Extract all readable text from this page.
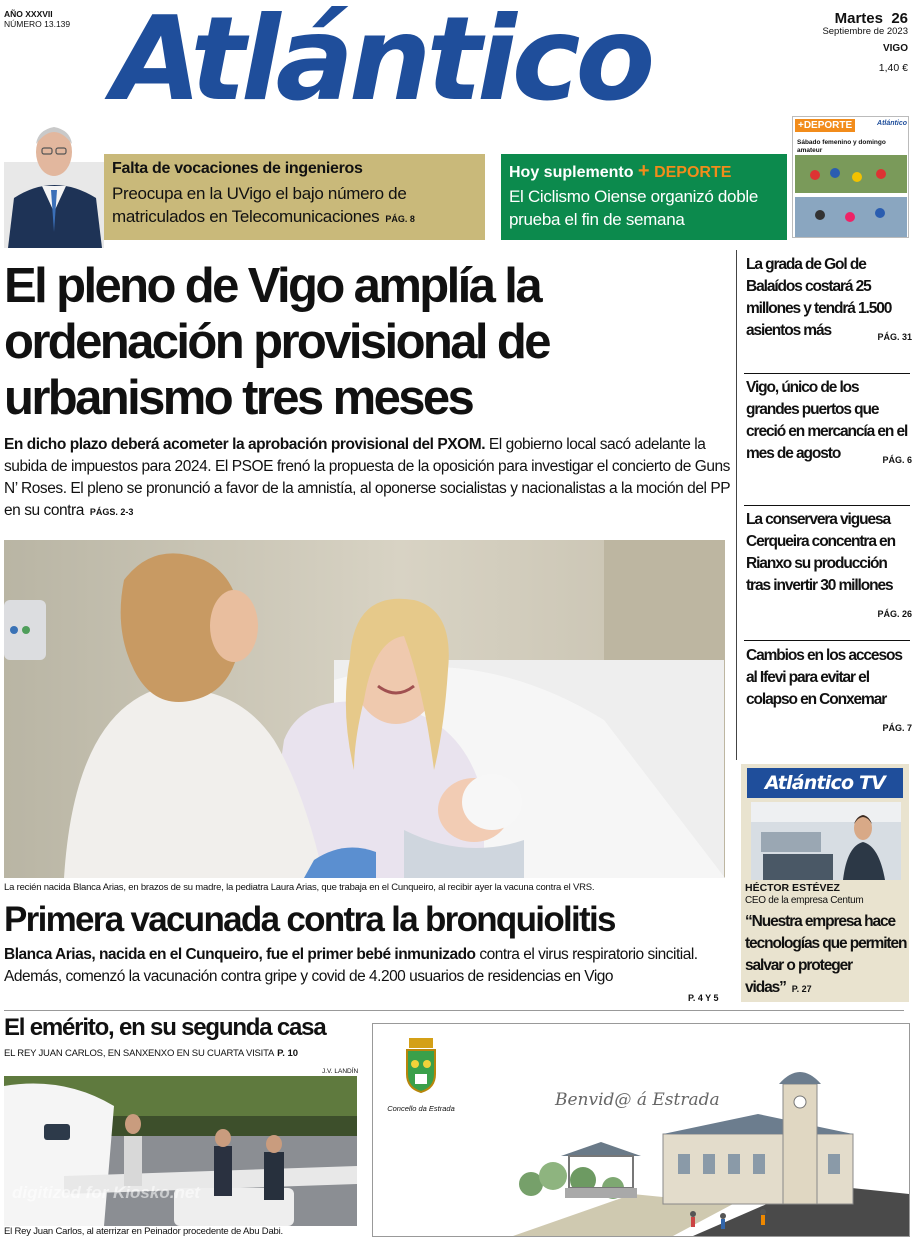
AÑO XXXVII
NÚMERO 13.139 Atlántico	Martes 26
Septiembre de 2023
VIGO
1,40 €
Falta de vocaciones de ingenieros
Preocupa en la UVigo el bajo número de matriculados en Telecomunicaciones PÁG. 8
Hoy suplemento + DEPORTE
El Ciclismo Oiense organizó doble prueba el fin de semana
+DEPORTE	Atlántico
Sábado femenino y domingo amateur
El pleno de Vigo amplía la ordenación provisional de urbanismo tres meses
En dicho plazo deberá acometer la aprobación provisional del PXOM. El gobierno local sacó adelante la subida de impuestos para 2024. El PSOE frenó la propuesta de la oposición para investigar el concierto de Guns N’ Roses. El pleno se pronunció a favor de la amnistía, al oponerse socialistas y nacionalistas a la moción del PP en su contra PÁGS. 2-3
La recién nacida Blanca Arias, en brazos de su madre, la pediatra Laura Arias, que trabaja en el Cunqueiro, al recibir ayer la vacuna contra el VRS.
Primera vacunada contra la bronquiolitis
Blanca Arias, nacida en el Cunqueiro, fue el primer bebé inmunizado contra el virus respiratorio sincitial. Además, comenzó la vacunación contra gripe y covid de 4.200 usuarios de residencias en Vigo
P. 4 Y 5
La grada de Gol de Balaídos costará 25 millones y tendrá 1.500 asientos más	PÁG. 31
Vigo, único de los grandes puertos que creció en mercancía en el mes de agosto	PÁG. 6
La conservera viguesa Cerqueira concentra en Rianxo su producción tras invertir 30 millones
PÁG. 26
Cambios en los accesos al Ifevi para evitar el colapso en Conxemar
PÁG. 7
Atlántico TV
HÉCTOR ESTÉVEZ
CEO de la empresa Centum
“Nuestra empresa hace tecnologías que permiten salvar o proteger vidas” P. 27
El emérito, en su segunda casa
EL REY JUAN CARLOS, EN SANXENXO EN SU CUARTA VISITA P. 10
J.V. LANDÍN
digitized for Kiosko.net
El Rey Juan Carlos, al aterrizar en Peinador procedente de Abu Dabi.
Concello da Estrada	Benvid@ á Estrada
